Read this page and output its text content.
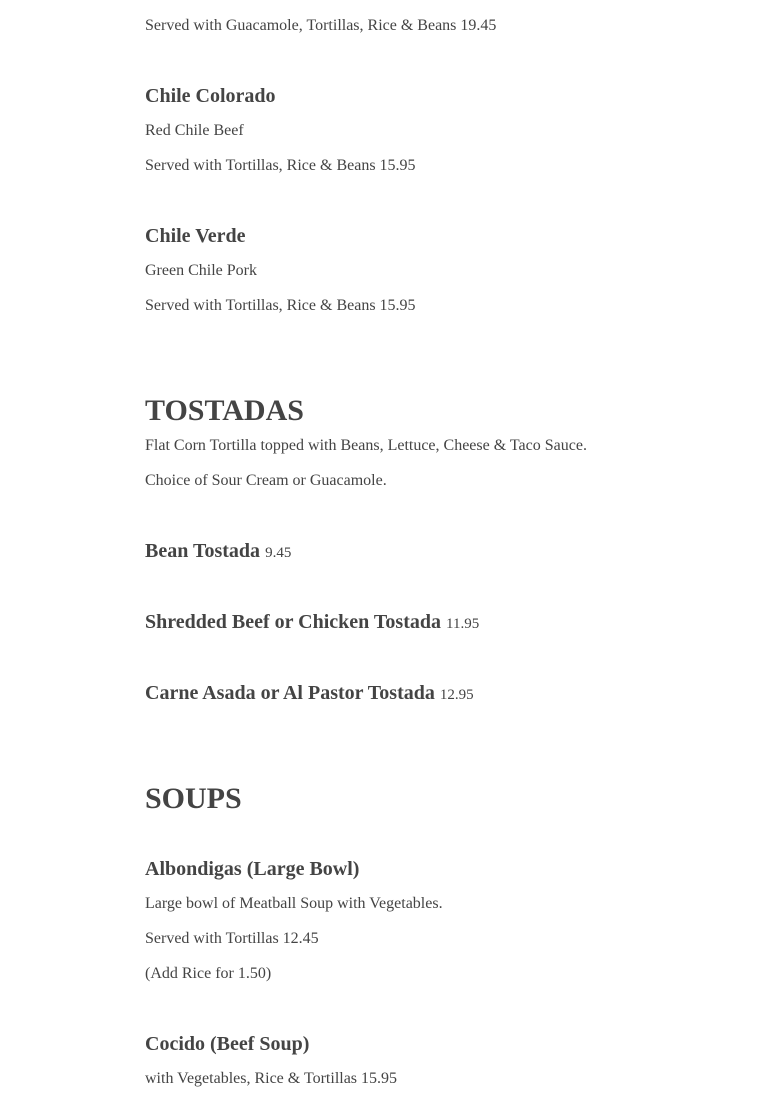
Served with Guacamole, Tortillas, Rice & Beans 19.45
Chile Colorado
Red Chile Beef
Served with Tortillas, Rice & Beans 15.95
Chile Verde
Green Chile Pork
Served with Tortillas, Rice & Beans 15.95
TOSTADAS
Flat Corn Tortilla topped with Beans, Lettuce, Cheese & Taco Sauce.
Choice of Sour Cream or Guacamole.
Bean Tostada 9.45
Shredded Beef or Chicken Tostada 11.95
Carne Asada or Al Pastor Tostada 12.95
SOUPS
Albondigas (Large Bowl)
Large bowl of Meatball Soup with Vegetables.
Served with Tortillas 12.45
(Add Rice for 1.50)
Cocido (Beef Soup)
with Vegetables, Rice & Tortillas 15.95
